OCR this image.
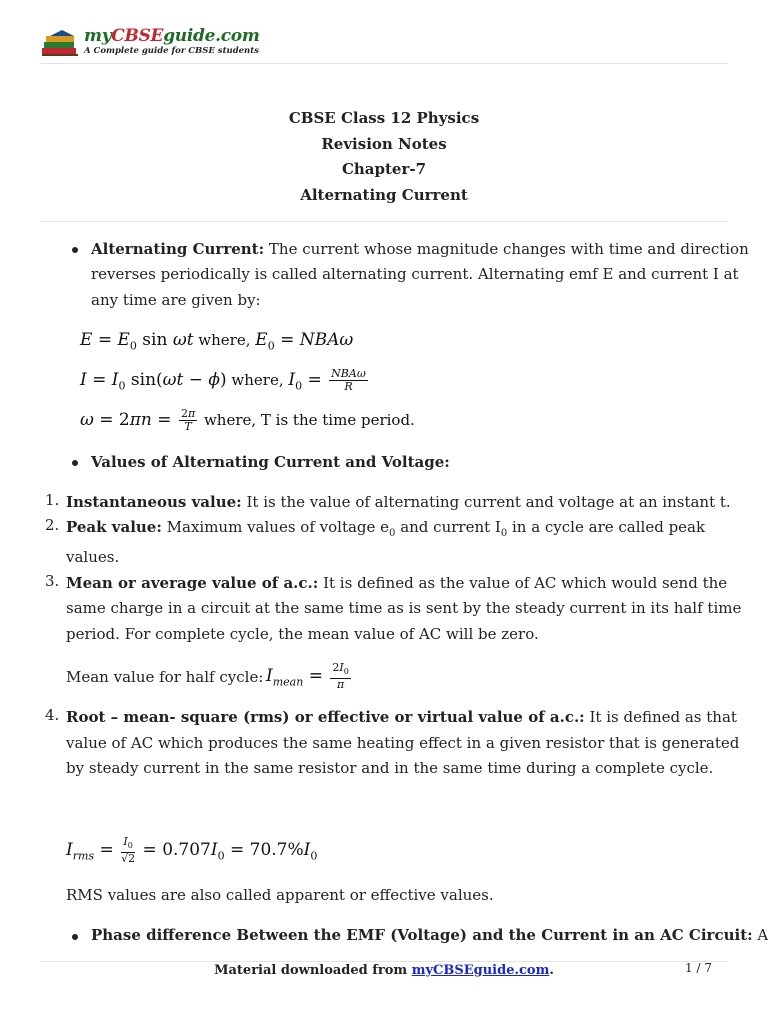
myCBSEguide.com
A Complete guide for CBSE students
CBSE Class 12 Physics
Revision Notes
Chapter-7
Alternating Current
Alternating Current: The current whose magnitude changes with time and direction
reverses periodically is called alternating current. Alternating emf E and current I at
any time are given by:
$E = E_0$ sin ωt where, $E_0 = NBA\omega$
$I = I_0$ sin(ωt − ϕ) where, $I_0 = \frac{\text{NBAω}}{R}$
$\omega = 2\pi n = \frac{2\pi}{T}$ where, T is the time period.
Values of Alternating Current and Voltage:
1. Instantaneous value: It is the value of alternating current and voltage at an instant t.
2. Peak value: Maximum values of voltage $e_0$ and current $I_0$ in a cycle are called peak
values.
3. Mean or average value of a.c.: It is defined as the value of AC which would send the
same charge in a circuit at the same time as is sent by the steady current in its half time
period. For complete cycle, the mean value of AC will be zero.
Mean value for half cycle: $I_{mean} = \frac{2I_0}{\pi}$
4. Root – mean- square (rms) or effective or virtual value of a.c.: It is defined as that
value of AC which produces the same heating effect in a given resistor that is generated
by steady current in the same resistor and in the same time during a complete cycle.
$I_{rms} = \frac{I_0}{√2} = 0.707I_0 = 70.7\%I_0$
RMS values are also called apparent or effective values.
Phase difference Between the EMF (Voltage) and the Current in an AC Circuit: A
Material downloaded from myCBSEguide.com.	1 / 7
